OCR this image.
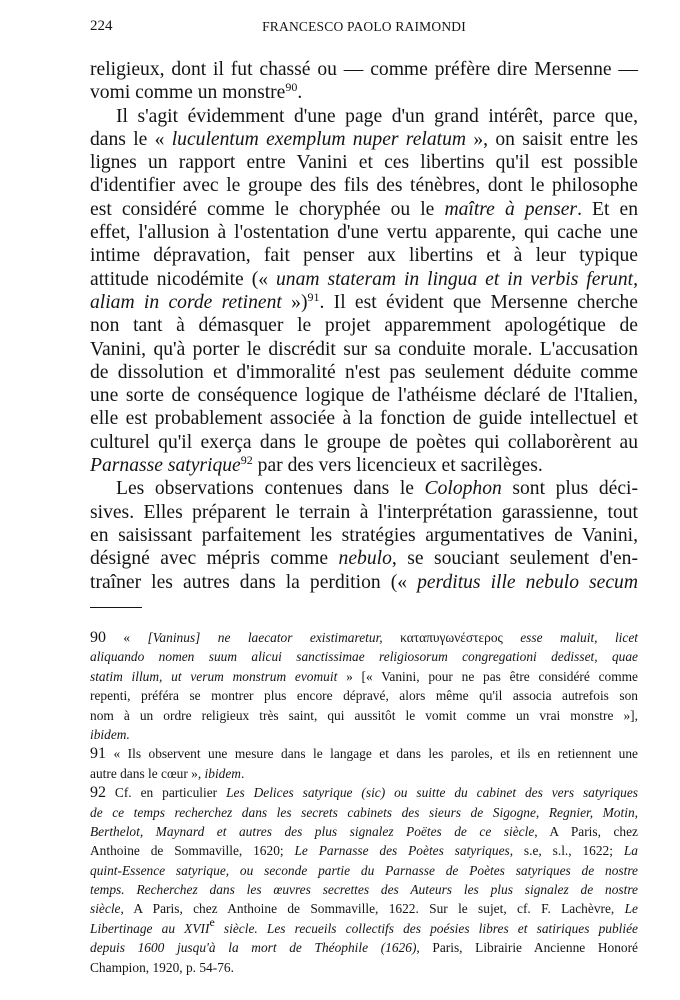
224	FRANCESCO PAOLO RAIMONDI
religieux, dont il fut chassé ou — comme préfère dire Mersenne —
vomi comme un monstre$^{90}$.
Il s'agit évidemment d'une page d'un grand intérêt, parce que,
dans le « luculentum exemplum nuper relatum », on saisit entre les
lignes un rapport entre Vanini et ces libertins qu'il est possible
d'identifier avec le groupe des fils des ténèbres, dont le philosophe
est considéré comme le choryphée ou le maître à penser. Et en
effet, l'allusion à l'ostentation d'une vertu apparente, qui cache une
intime dépravation, fait penser aux libertins et à leur typique
attitude nicodémite (« unam stateram in lingua et in verbis ferunt,
aliam in corde retinent »)$^{91}$. Il est évident que Mersenne cherche
non tant à démasquer le projet apparemment apologétique de
Vanini, qu'à porter le discrédit sur sa conduite morale. L'accusation
de dissolution et d'immoralité n'est pas seulement déduite comme
une sorte de conséquence logique de l'athéisme déclaré de l'Italien,
elle est probablement associée à la fonction de guide intellectuel et
culturel qu'il exerça dans le groupe de poètes qui collaborèrent au
Parnasse satyrique$^{92}$ par des vers licencieux et sacrilèges.
Les observations contenues dans le Colophon sont plus déci-
sives. Elles préparent le terrain à l'interprétation garassienne, tout
en saisissant parfaitement les stratégies argumentatives de Vanini,
désigné avec mépris comme nebulo, se souciant seulement d'en-
traîner les autres dans la perdition (« perditus ille nebulo secum
90 « [Vaninus] ne laecator existimaretur, καταπυγωνέστερος esse maluit, licet
aliquando nomen suum alicui sanctissimae religiosorum congregationi dedisset, quae
statim illum, ut verum monstrum evomuit » [« Vanini, pour ne pas être considéré comme
repenti, préféra se montrer plus encore dépravé, alors même qu'il associa autrefois son
nom à un ordre religieux très saint, qui aussitôt le vomit comme un vrai monstre »],
ibidem.
91 « Ils observent une mesure dans le langage et dans les paroles, et ils en retiennent une
autre dans le cœur », ibidem.
92 Cf. en particulier Les Delices satyrique (sic) ou suitte du cabinet des vers satyriques
de ce temps recherchez dans les secrets cabinets des sieurs de Sigogne, Regnier, Motin,
Berthelot, Maynard et autres des plus signalez Poëtes de ce siècle, A Paris, chez
Anthoine de Sommaville, 1620; Le Parnasse des Poètes satyriques, s.e, s.l., 1622; La
quint-Essence satyrique, ou seconde partie du Parnasse de Poètes satyriques de nostre
temps. Recherchez dans les œuvres secrettes des Auteurs les plus signalez de nostre
siècle, A Paris, chez Anthoine de Sommaville, 1622. Sur le sujet, cf. F. Lachèvre, Le
Libertinage au XVIIe siècle. Les recueils collectifs des poésies libres et satiriques publiée
depuis 1600 jusqu'à la mort de Théophile (1626), Paris, Librairie Ancienne Honoré
Champion, 1920, p. 54-76.
